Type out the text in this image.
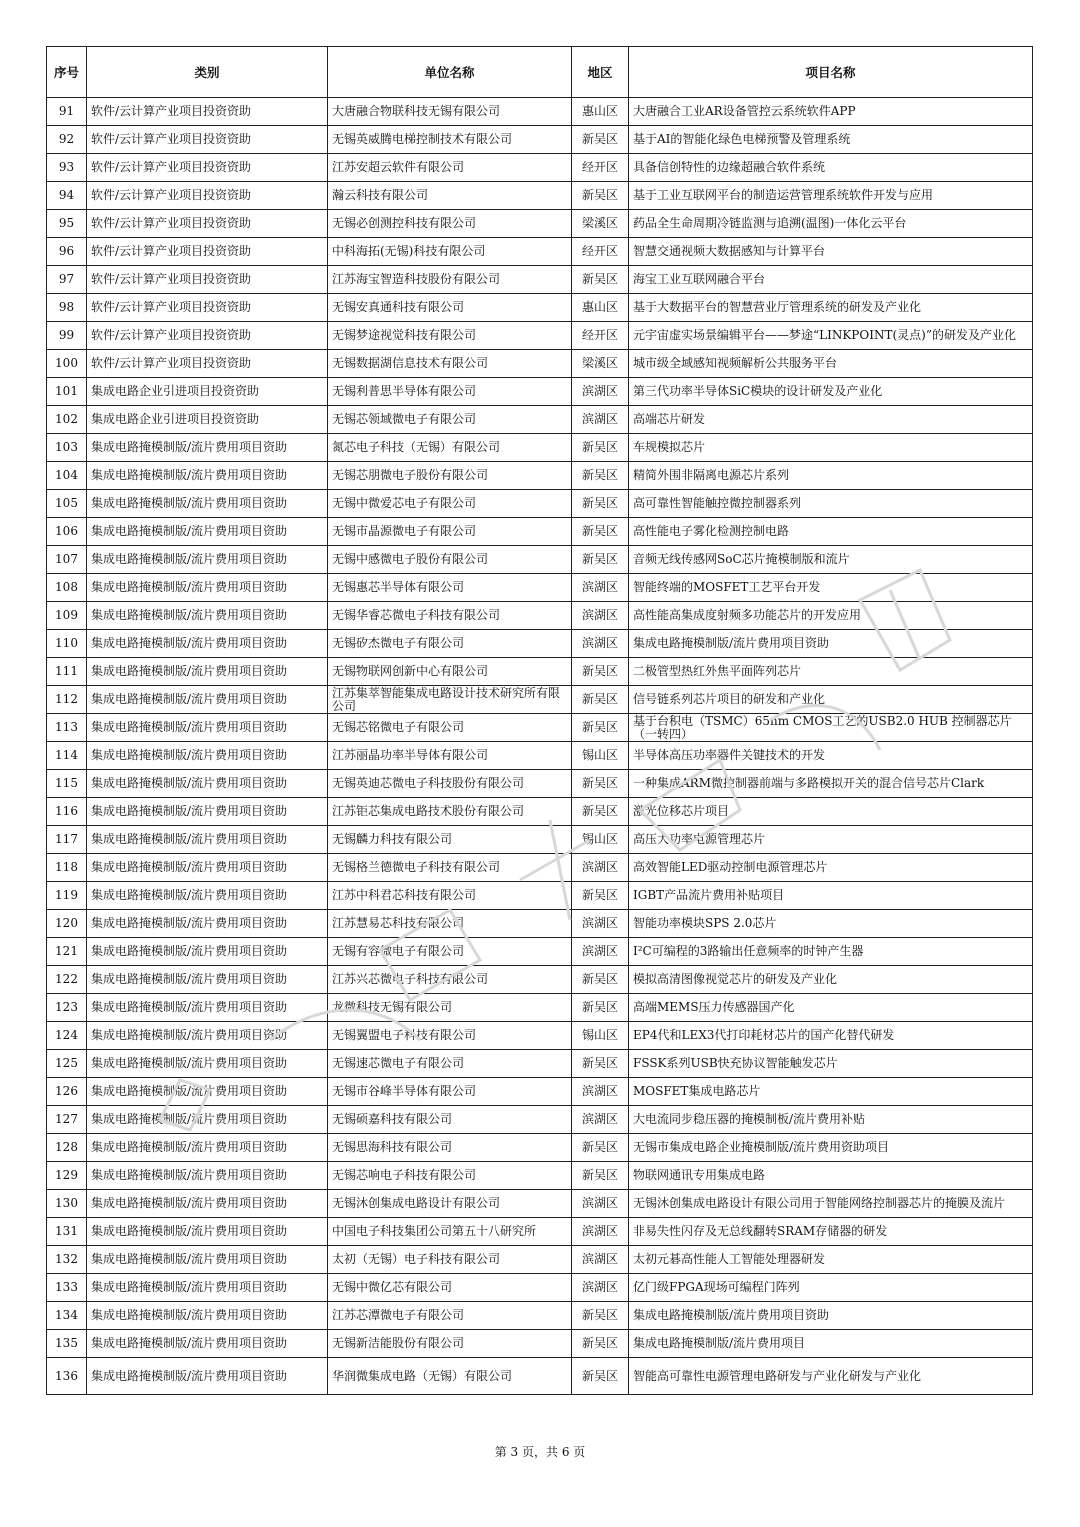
序号	类别	单位名称	地区	项目名称
91	软件/云计算产业项目投资资助	大唐融合物联科技无锡有限公司	惠山区	大唐融合工业AR设备管控云系统软件APP
92	软件/云计算产业项目投资资助	无锡英威腾电梯控制技术有限公司	新吴区	基于AI的智能化绿色电梯预警及管理系统
93	软件/云计算产业项目投资资助	江苏安超云软件有限公司	经开区	具备信创特性的边缘超融合软件系统
94	软件/云计算产业项目投资资助	瀚云科技有限公司	新吴区	基于工业互联网平台的制造运营管理系统软件开发与应用
95	软件/云计算产业项目投资资助	无锡必创测控科技有限公司	梁溪区	药品全生命周期冷链监测与追溯(温图)一体化云平台
96	软件/云计算产业项目投资资助	中科海拓(无锡)科技有限公司	经开区	智慧交通视频大数据感知与计算平台
97	软件/云计算产业项目投资资助	江苏海宝智造科技股份有限公司	新吴区	海宝工业互联网融合平台
98	软件/云计算产业项目投资资助	无锡安真通科技有限公司	惠山区	基于大数据平台的智慧营业厅管理系统的研发及产业化
99	软件/云计算产业项目投资资助	无锡梦途视觉科技有限公司	经开区	元宇宙虚实场景编辑平台——梦途“LINKPOINT(灵点)”的研发及产业化
100	软件/云计算产业项目投资资助	无锡数据湖信息技术有限公司	梁溪区	城市级全域感知视频解析公共服务平台
101	集成电路企业引进项目投资资助	无锡利普思半导体有限公司	滨湖区	第三代功率半导体SiC模块的设计研发及产业化
102	集成电路企业引进项目投资资助	无锡芯领域微电子有限公司	滨湖区	高端芯片研发
103	集成电路掩模制版/流片费用项目资助	氮芯电子科技（无锡）有限公司	新吴区	车规模拟芯片
104	集成电路掩模制版/流片费用项目资助	无锡芯朋微电子股份有限公司	新吴区	精简外围非隔离电源芯片系列
105	集成电路掩模制版/流片费用项目资助	无锡中微爱芯电子有限公司	新吴区	高可靠性智能触控微控制器系列
106	集成电路掩模制版/流片费用项目资助	无锡市晶源微电子有限公司	新吴区	高性能电子雾化检测控制电路
107	集成电路掩模制版/流片费用项目资助	无锡中感微电子股份有限公司	新吴区	音频无线传感网SoC芯片掩模制版和流片
108	集成电路掩模制版/流片费用项目资助	无锡惠芯半导体有限公司	滨湖区	智能终端的MOSFET工艺平台开发
109	集成电路掩模制版/流片费用项目资助	无锡华睿芯微电子科技有限公司	滨湖区	高性能高集成度射频多功能芯片的开发应用
110	集成电路掩模制版/流片费用项目资助	无锡矽杰微电子有限公司	滨湖区	集成电路掩模制版/流片费用项目资助
111	集成电路掩模制版/流片费用项目资助	无锡物联网创新中心有限公司	新吴区	二极管型热红外焦平面阵列芯片
112	集成电路掩模制版/流片费用项目资助	江苏集萃智能集成电路设计技术研究所有限公司	新吴区	信号链系列芯片项目的研发和产业化
113	集成电路掩模制版/流片费用项目资助	无锡芯铭微电子有限公司	新吴区	基于台积电（TSMC）65nm CMOS工艺的USB2.0 HUB 控制器芯片（一转四）
114	集成电路掩模制版/流片费用项目资助	江苏丽晶功率半导体有限公司	锡山区	半导体高压功率器件关键技术的开发
115	集成电路掩模制版/流片费用项目资助	无锡英迪芯微电子科技股份有限公司	新吴区	一种集成ARM微控制器前端与多路模拟开关的混合信号芯片Clark
116	集成电路掩模制版/流片费用项目资助	江苏钜芯集成电路技术股份有限公司	新吴区	激光位移芯片项目
117	集成电路掩模制版/流片费用项目资助	无锡麟力科技有限公司	锡山区	高压大功率电源管理芯片
118	集成电路掩模制版/流片费用项目资助	无锡格兰德微电子科技有限公司	滨湖区	高效智能LED驱动控制电源管理芯片
119	集成电路掩模制版/流片费用项目资助	江苏中科君芯科技有限公司	新吴区	IGBT产品流片费用补贴项目
120	集成电路掩模制版/流片费用项目资助	江苏慧易芯科技有限公司	滨湖区	智能功率模块SPS 2.0芯片
121	集成电路掩模制版/流片费用项目资助	无锡有容微电子有限公司	滨湖区	I²C可编程的3路输出任意频率的时钟产生器
122	集成电路掩模制版/流片费用项目资助	江苏兴芯微电子科技有限公司	新吴区	模拟高清图像视觉芯片的研发及产业化
123	集成电路掩模制版/流片费用项目资助	龙微科技无锡有限公司	新吴区	高端MEMS压力传感器国产化
124	集成电路掩模制版/流片费用项目资助	无锡翼盟电子科技有限公司	锡山区	EP4代和LEX3代打印耗材芯片的国产化替代研发
125	集成电路掩模制版/流片费用项目资助	无锡速芯微电子有限公司	新吴区	FSSK系列USB快充协议智能触发芯片
126	集成电路掩模制版/流片费用项目资助	无锡市谷峰半导体有限公司	滨湖区	MOSFET集成电路芯片
127	集成电路掩模制版/流片费用项目资助	无锡硕嘉科技有限公司	滨湖区	大电流同步稳压器的掩模制板/流片费用补贴
128	集成电路掩模制版/流片费用项目资助	无锡思海科技有限公司	新吴区	无锡市集成电路企业掩模制版/流片费用资助项目
129	集成电路掩模制版/流片费用项目资助	无锡芯响电子科技有限公司	新吴区	物联网通讯专用集成电路
130	集成电路掩模制版/流片费用项目资助	无锡沐创集成电路设计有限公司	滨湖区	无锡沐创集成电路设计有限公司用于智能网络控制器芯片的掩膜及流片
131	集成电路掩模制版/流片费用项目资助	中国电子科技集团公司第五十八研究所	滨湖区	非易失性闪存及无总线翻转SRAM存储器的研发
132	集成电路掩模制版/流片费用项目资助	太初（无锡）电子科技有限公司	滨湖区	太初元碁高性能人工智能处理器研发
133	集成电路掩模制版/流片费用项目资助	无锡中微亿芯有限公司	滨湖区	亿门级FPGA现场可编程门阵列
134	集成电路掩模制版/流片费用项目资助	江苏芯潭微电子有限公司	新吴区	集成电路掩模制版/流片费用项目资助
135	集成电路掩模制版/流片费用项目资助	无锡新洁能股份有限公司	新吴区	集成电路掩模制版/流片费用项目
136	集成电路掩模制版/流片费用项目资助	华润微集成电路（无锡）有限公司	新吴区	智能高可靠性电源管理电路研发与产业化研发与产业化
第 3 页，共 6 页
